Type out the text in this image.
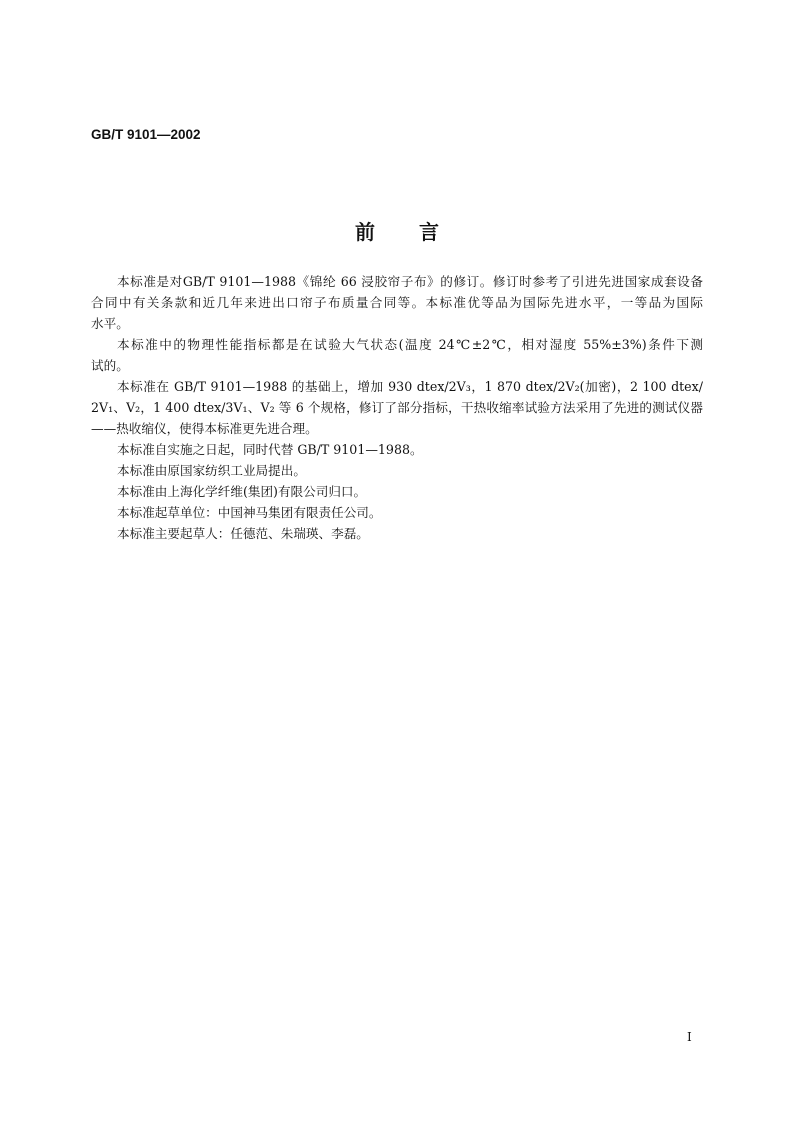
GB/T 9101—2002
前言
本标准是对GB/T 9101—1988《锦纶 66 浸胶帘子布》的修订。修订时参考了引进先进国家成套设备
合同中有关条款和近几年来进出口帘子布质量合同等。本标准优等品为国际先进水平，一等品为国际
水平。
本标准中的物理性能指标都是在试验大气状态(温度 24℃±2℃，相对湿度 55%±3%)条件下测
试的。
本标准在 GB/T 9101—1988 的基础上，增加 930 dtex/2V₃，1 870 dtex/2V₂(加密)，2 100 dtex/
2V₁、V₂，1 400 dtex/3V₁、V₂ 等 6 个规格，修订了部分指标，干热收缩率试验方法采用了先进的测试仪器
——热收缩仪，使得本标准更先进合理。
本标准自实施之日起，同时代替 GB/T 9101—1988。
本标准由原国家纺织工业局提出。
本标准由上海化学纤维(集团)有限公司归口。
本标准起草单位：中国神马集团有限责任公司。
本标准主要起草人：任德范、朱瑞瑛、李磊。
I
